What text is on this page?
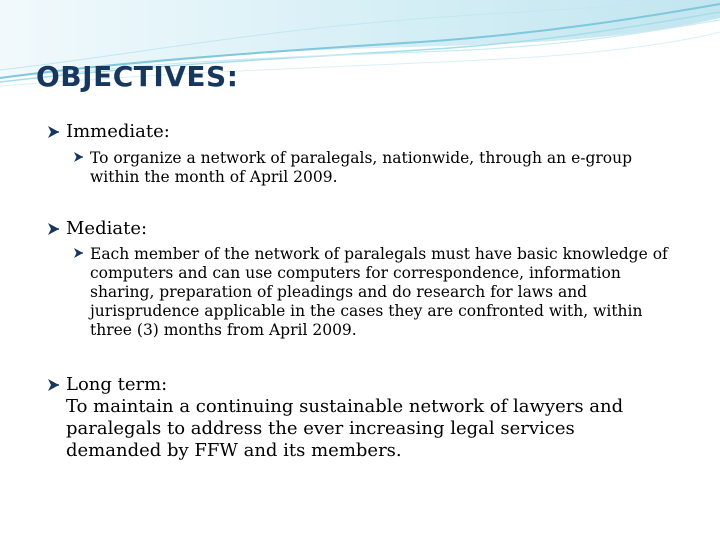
OBJECTIVES:
Immediate:
To organize a network of paralegals, nationwide, through an e-group within the month of April 2009.
Mediate:
Each member of the network of paralegals must have basic knowledge of computers and can use computers for correspondence, information sharing, preparation of pleadings and do research for laws and jurisprudence applicable in the cases they are confronted with, within three (3) months from April 2009.
Long term:
To maintain a continuing sustainable network of lawyers and paralegals to address the ever increasing legal services demanded by FFW and its members.
